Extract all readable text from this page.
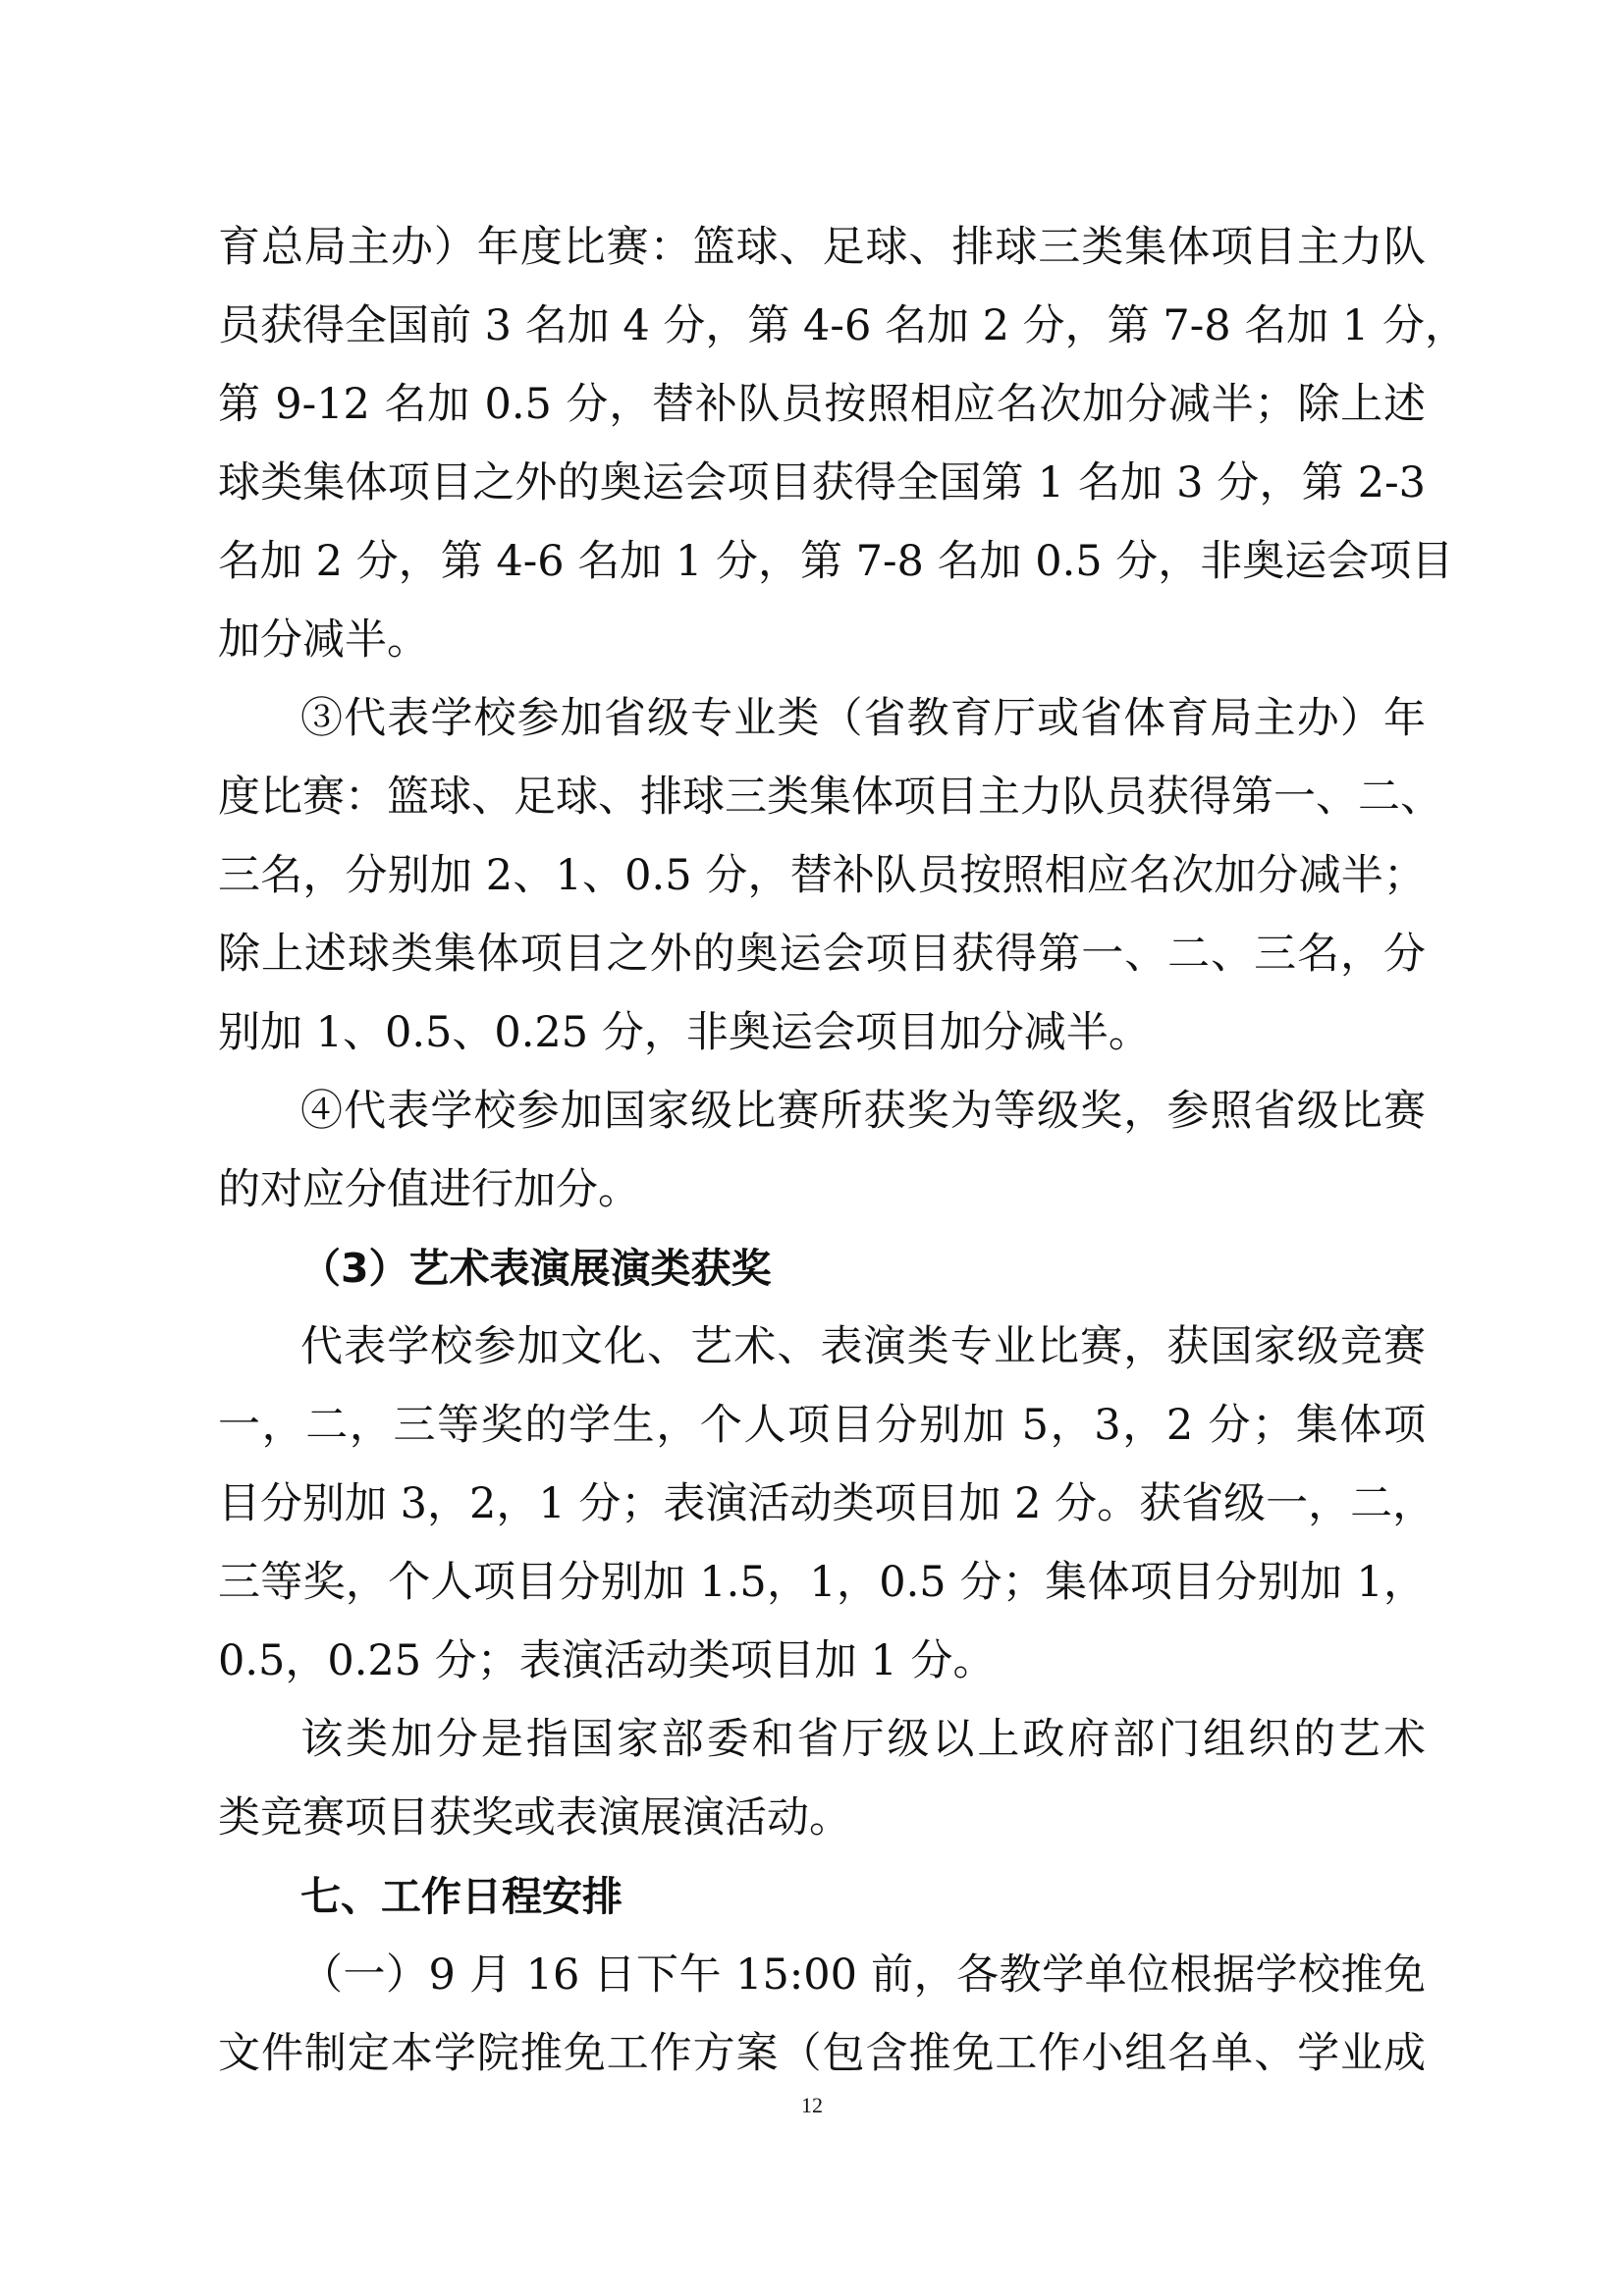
育总局主办）年度比赛：篮球、足球、排球三类集体项目主力队
员获得全国前 3 名加 4 分，第 4-6 名加 2 分，第 7-8 名加 1 分，
第 9-12 名加 0.5 分，替补队员按照相应名次加分减半；除上述
球类集体项目之外的奥运会项目获得全国第 1 名加 3 分，第 2-3
名加 2 分，第 4-6 名加 1 分，第 7-8 名加 0.5 分，非奥运会项目
加分减半。
③代表学校参加省级专业类（省教育厅或省体育局主办）年
度比赛：篮球、足球、排球三类集体项目主力队员获得第一、二、
三名，分别加 2、1、0.5 分，替补队员按照相应名次加分减半；
除上述球类集体项目之外的奥运会项目获得第一、二、三名，分
别加 1、0.5、0.25 分，非奥运会项目加分减半。
④代表学校参加国家级比赛所获奖为等级奖，参照省级比赛
的对应分值进行加分。
（3）艺术表演展演类获奖
代表学校参加文化、艺术、表演类专业比赛，获国家级竞赛
一，二，三等奖的学生，个人项目分别加 5，3，2 分；集体项
目分别加 3，2，1 分；表演活动类项目加 2 分。获省级一，二，
三等奖，个人项目分别加 1.5，1，0.5 分；集体项目分别加 1，
0.5，0.25 分；表演活动类项目加 1 分。
该类加分是指国家部委和省厅级以上政府部门组织的艺术
类竞赛项目获奖或表演展演活动。
七、工作日程安排
（一）9 月 16 日下午 15:00 前，各教学单位根据学校推免
文件制定本学院推免工作方案（包含推免工作小组名单、学业成
12
